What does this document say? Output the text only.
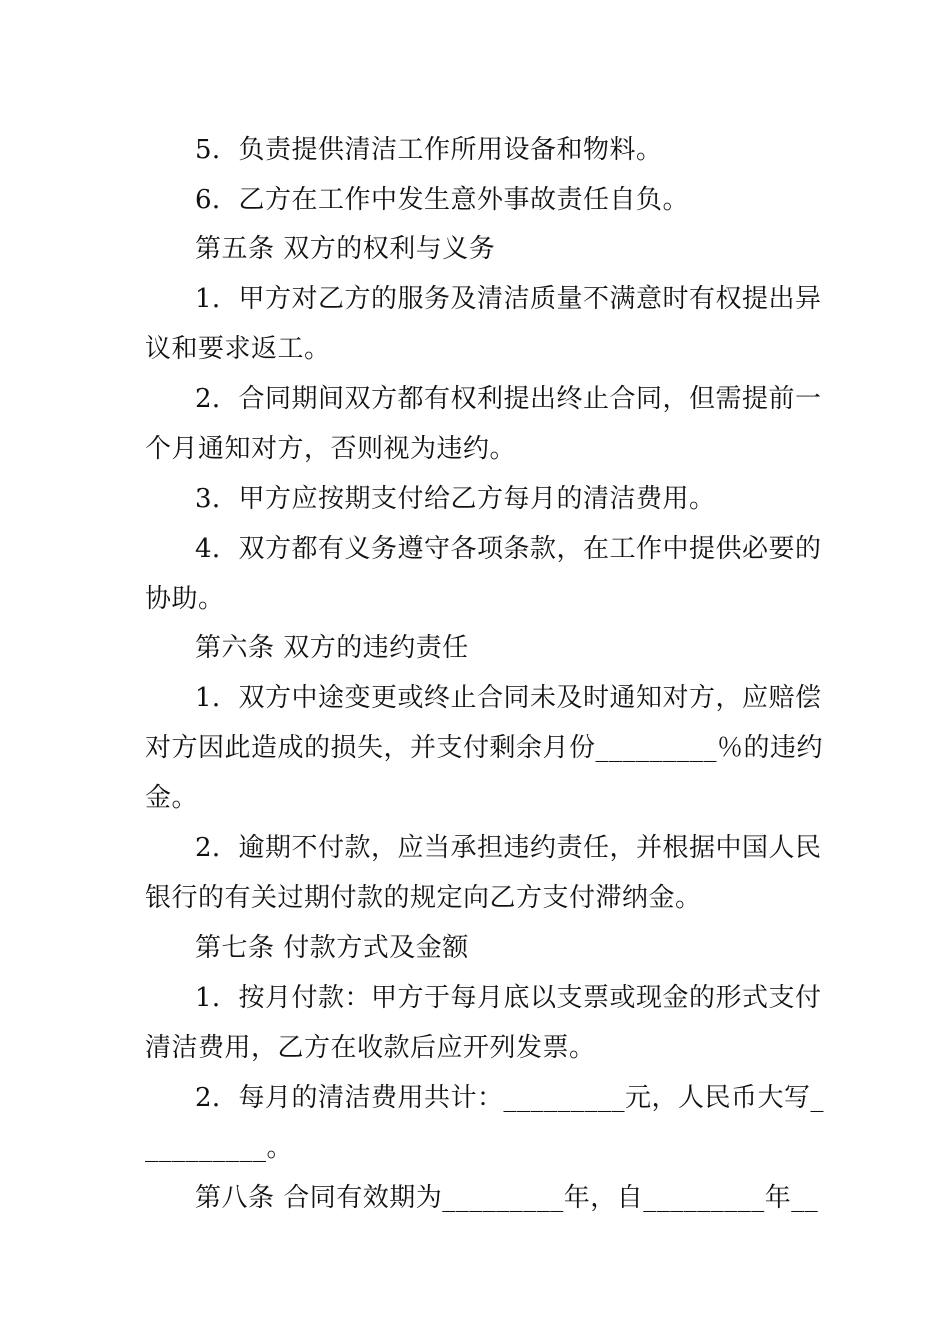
5．负责提供清洁工作所用设备和物料。
6．乙方在工作中发生意外事故责任自负。
第五条 双方的权利与义务
1．甲方对乙方的服务及清洁质量不满意时有权提出异
议和要求返工。
2．合同期间双方都有权利提出终止合同，但需提前一
个月通知对方，否则视为违约。
3．甲方应按期支付给乙方每月的清洁费用。
4．双方都有义务遵守各项条款，在工作中提供必要的
协助。
第六条 双方的违约责任
1．双方中途变更或终止合同未及时通知对方，应赔偿
对方因此造成的损失，并支付剩余月份_________％的违约
金。
2．逾期不付款，应当承担违约责任，并根据中国人民
银行的有关过期付款的规定向乙方支付滞纳金。
第七条 付款方式及金额
1．按月付款：甲方于每月底以支票或现金的形式支付
清洁费用，乙方在收款后应开列发票。
2．每月的清洁费用共计：_________元，人民币大写_
_________。
第八条 合同有效期为_________年，自_________年__
